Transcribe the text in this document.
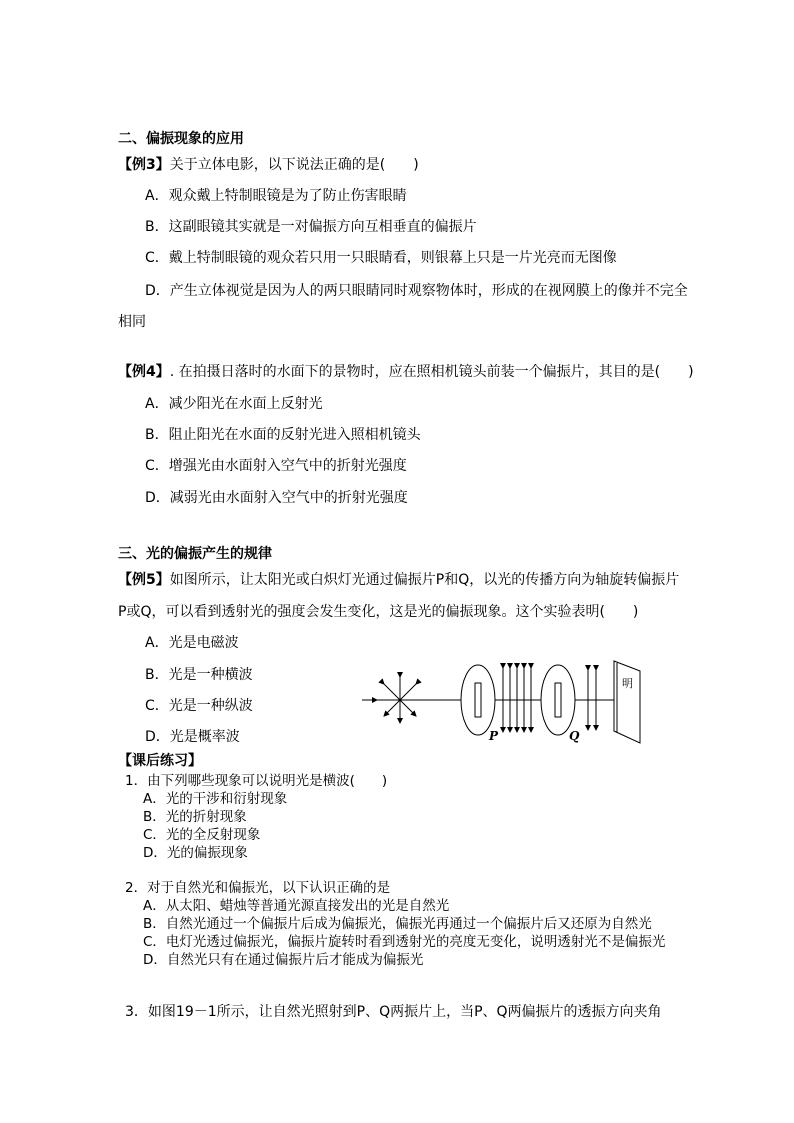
二、偏振现象的应用
【例3】关于立体电影，以下说法正确的是(　　)
A．观众戴上特制眼镜是为了防止伤害眼睛
B．这副眼镜其实就是一对偏振方向互相垂直的偏振片
C．戴上特制眼镜的观众若只用一只眼睛看，则银幕上只是一片光亮而无图像
D．产生立体视觉是因为人的两只眼睛同时观察物体时，形成的在视网膜上的像并不完全
相同
【例4】. 在拍摄日落时的水面下的景物时，应在照相机镜头前装一个偏振片，其目的是(　　)
A．减少阳光在水面上反射光
B．阻止阳光在水面的反射光进入照相机镜头
C．增强光由水面射入空气中的折射光强度
D．减弱光由水面射入空气中的折射光强度
三、光的偏振产生的规律
【例5】如图所示，让太阳光或白炽灯光通过偏振片P和Q，以光的传播方向为轴旋转偏振片
P或Q，可以看到透射光的强度会发生变化，这是光的偏振现象。这个实验表明(　　)
A．光是电磁波
B．光是一种横波
C．光是一种纵波
D．光是概率波	P	Q
明
【课后练习】
1．由下列哪些现象可以说明光是横波(　　)
A．光的干涉和衍射现象
B．光的折射现象
C．光的全反射现象
D．光的偏振现象
2．对于自然光和偏振光，以下认识正确的是
A．从太阳、蜡烛等普通光源直接发出的光是自然光
B．自然光通过一个偏振片后成为偏振光，偏振光再通过一个偏振片后又还原为自然光
C．电灯光透过偏振光，偏振片旋转时看到透射光的亮度无变化，说明透射光不是偏振光
D．自然光只有在通过偏振片后才能成为偏振光
3．如图19－1所示，让自然光照射到P、Q两振片上，当P、Q两偏振片的透振方向夹角
